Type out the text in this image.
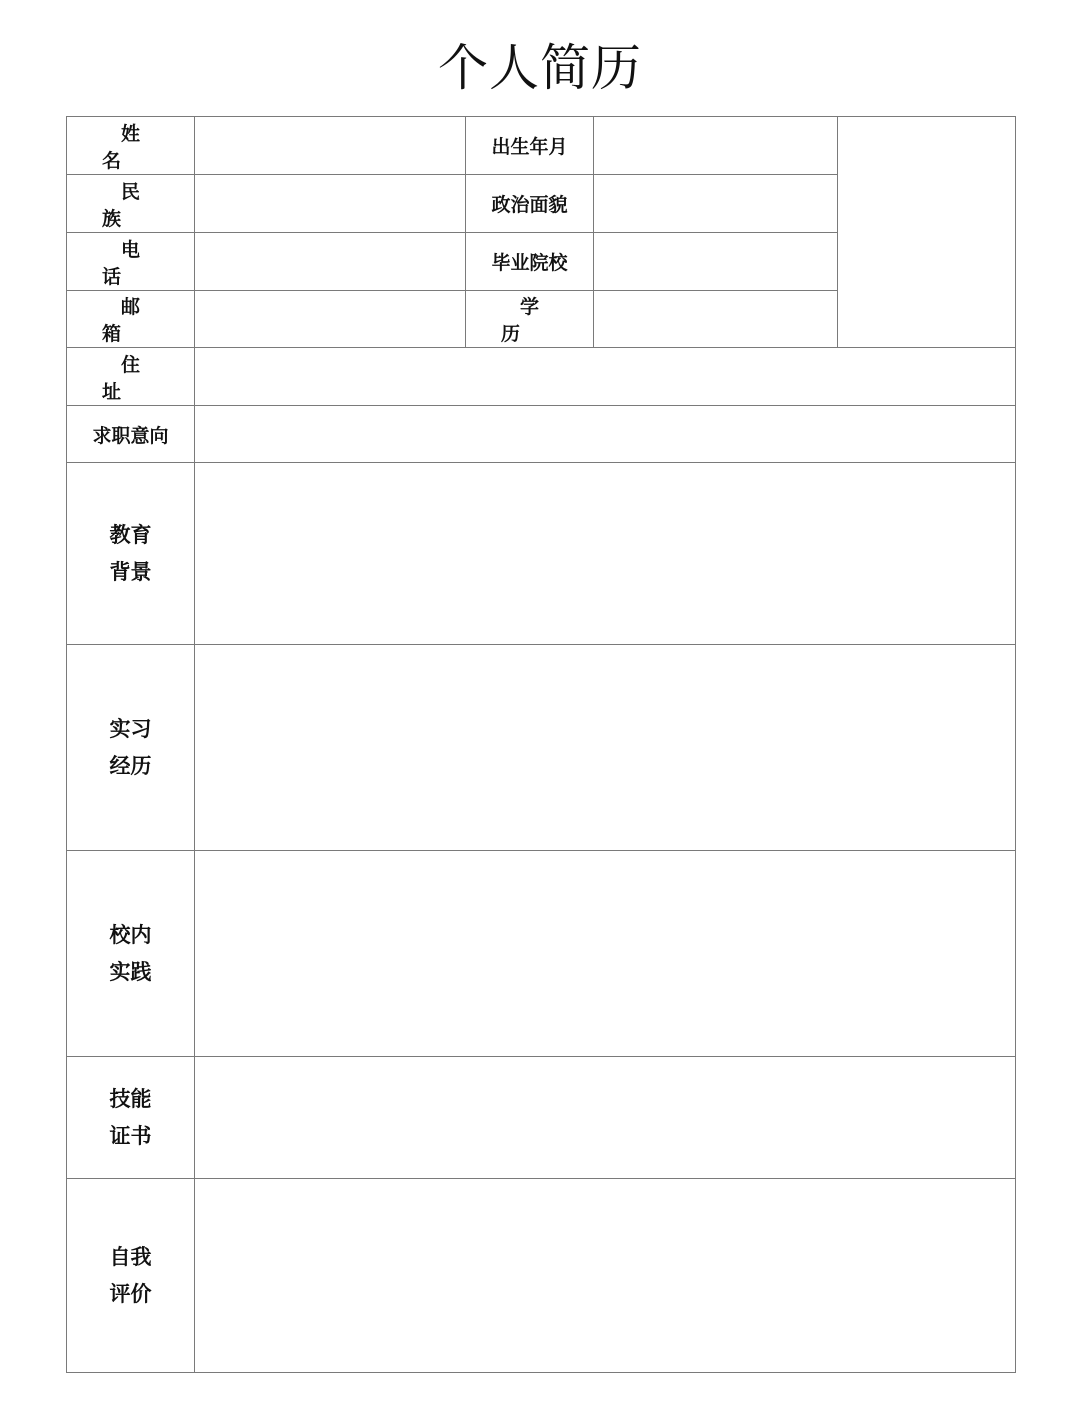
个人简历
姓名		出生年月		
民族		政治面貌		
电话		毕业院校		
邮箱		学历		
住址				
求职意向				

教育
背景				

实习
经历				

校内
实践				

技能
证书				

自我
评价				
